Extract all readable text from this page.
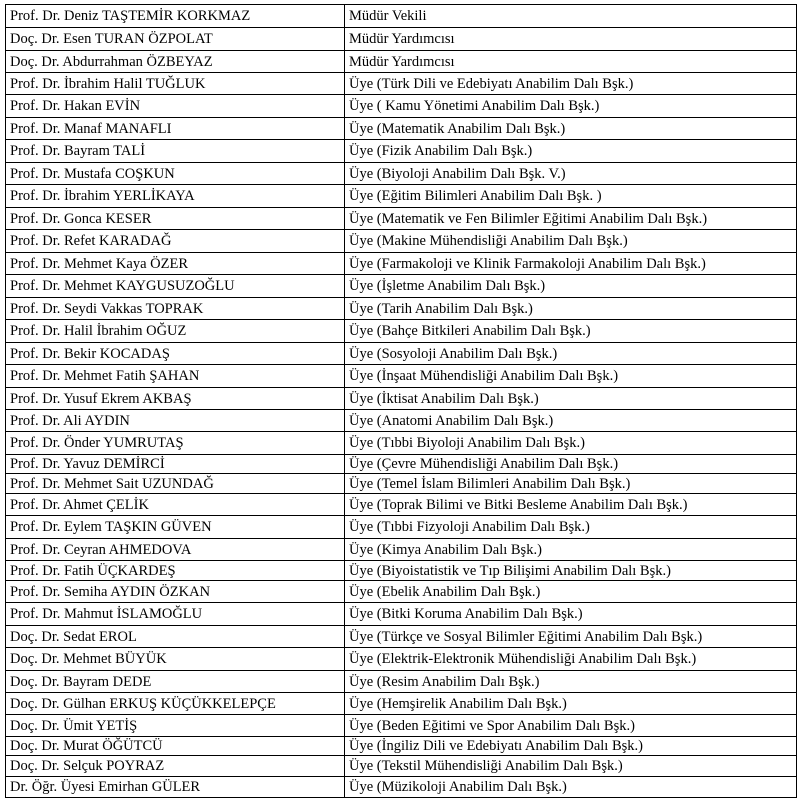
Prof. Dr. Deniz TAŞTEMİR KORKMAZ	Müdür Vekili
Doç. Dr. Esen TURAN ÖZPOLAT	Müdür Yardımcısı
Doç. Dr. Abdurrahman ÖZBEYAZ	Müdür Yardımcısı
Prof. Dr. İbrahim Halil TUĞLUK	Üye (Türk Dili ve Edebiyatı Anabilim Dalı Bşk.)
Prof. Dr. Hakan EVİN	Üye ( Kamu Yönetimi Anabilim Dalı Bşk.)
Prof. Dr. Manaf MANAFLI	Üye (Matematik Anabilim Dalı Bşk.)
Prof. Dr. Bayram TALİ	Üye (Fizik Anabilim Dalı Bşk.)
Prof. Dr. Mustafa COŞKUN	Üye (Biyoloji Anabilim Dalı Bşk. V.)
Prof. Dr. İbrahim YERLİKAYA	Üye (Eğitim Bilimleri Anabilim Dalı Bşk. )
Prof. Dr. Gonca KESER	Üye (Matematik ve Fen Bilimler Eğitimi Anabilim Dalı Bşk.)
Prof. Dr. Refet KARADAĞ	Üye (Makine Mühendisliği Anabilim Dalı Bşk.)
Prof. Dr. Mehmet Kaya ÖZER	Üye (Farmakoloji ve Klinik Farmakoloji Anabilim Dalı Bşk.)
Prof. Dr. Mehmet KAYGUSUZOĞLU	Üye (İşletme Anabilim Dalı Bşk.)
Prof. Dr. Seydi Vakkas TOPRAK	Üye (Tarih Anabilim Dalı Bşk.)
Prof. Dr. Halil İbrahim OĞUZ	Üye (Bahçe Bitkileri Anabilim Dalı Bşk.)
Prof. Dr. Bekir KOCADAŞ	Üye (Sosyoloji Anabilim Dalı Bşk.)
Prof. Dr. Mehmet Fatih ŞAHAN	Üye (İnşaat Mühendisliği Anabilim Dalı Bşk.)
Prof. Dr. Yusuf Ekrem AKBAŞ	Üye (İktisat Anabilim Dalı Bşk.)
Prof. Dr. Ali AYDIN	Üye (Anatomi Anabilim Dalı Bşk.)
Prof. Dr. Önder YUMRUTAŞ	Üye (Tıbbi Biyoloji Anabilim Dalı Bşk.)
Prof. Dr. Yavuz DEMİRCİ	Üye (Çevre Mühendisliği Anabilim Dalı Bşk.)
Prof. Dr. Mehmet Sait UZUNDAĞ	Üye (Temel İslam Bilimleri Anabilim Dalı Bşk.)
Prof. Dr. Ahmet ÇELİK	Üye (Toprak Bilimi ve Bitki Besleme Anabilim Dalı Bşk.)
Prof. Dr. Eylem TAŞKIN GÜVEN	Üye (Tıbbi Fizyoloji Anabilim Dalı Bşk.)
Prof. Dr. Ceyran AHMEDOVA	Üye (Kimya Anabilim Dalı Bşk.)
Prof. Dr. Fatih ÜÇKARDEŞ	Üye (Biyoistatistik ve Tıp Bilişimi Anabilim Dalı Bşk.)
Prof. Dr. Semiha AYDIN ÖZKAN	Üye (Ebelik Anabilim Dalı Bşk.)
Prof. Dr. Mahmut İSLAMOĞLU	Üye (Bitki Koruma Anabilim Dalı Bşk.)
Doç. Dr. Sedat EROL	Üye (Türkçe ve Sosyal Bilimler Eğitimi Anabilim Dalı Bşk.)
Doç. Dr. Mehmet BÜYÜK	Üye (Elektrik-Elektronik Mühendisliği Anabilim Dalı Bşk.)
Doç. Dr. Bayram DEDE	Üye (Resim Anabilim Dalı Bşk.)
Doç. Dr. Gülhan ERKUŞ KÜÇÜKKELEPÇE	Üye (Hemşirelik Anabilim Dalı Bşk.)
Doç. Dr. Ümit YETİŞ	Üye (Beden Eğitimi ve Spor Anabilim Dalı Bşk.)
Doç. Dr. Murat ÖĞÜTCÜ	Üye (İngiliz Dili ve Edebiyatı Anabilim Dalı Bşk.)
Doç. Dr. Selçuk POYRAZ	Üye (Tekstil Mühendisliği Anabilim Dalı Bşk.)
Dr. Öğr. Üyesi Emirhan GÜLER	Üye (Müzikoloji Anabilim Dalı Bşk.)
